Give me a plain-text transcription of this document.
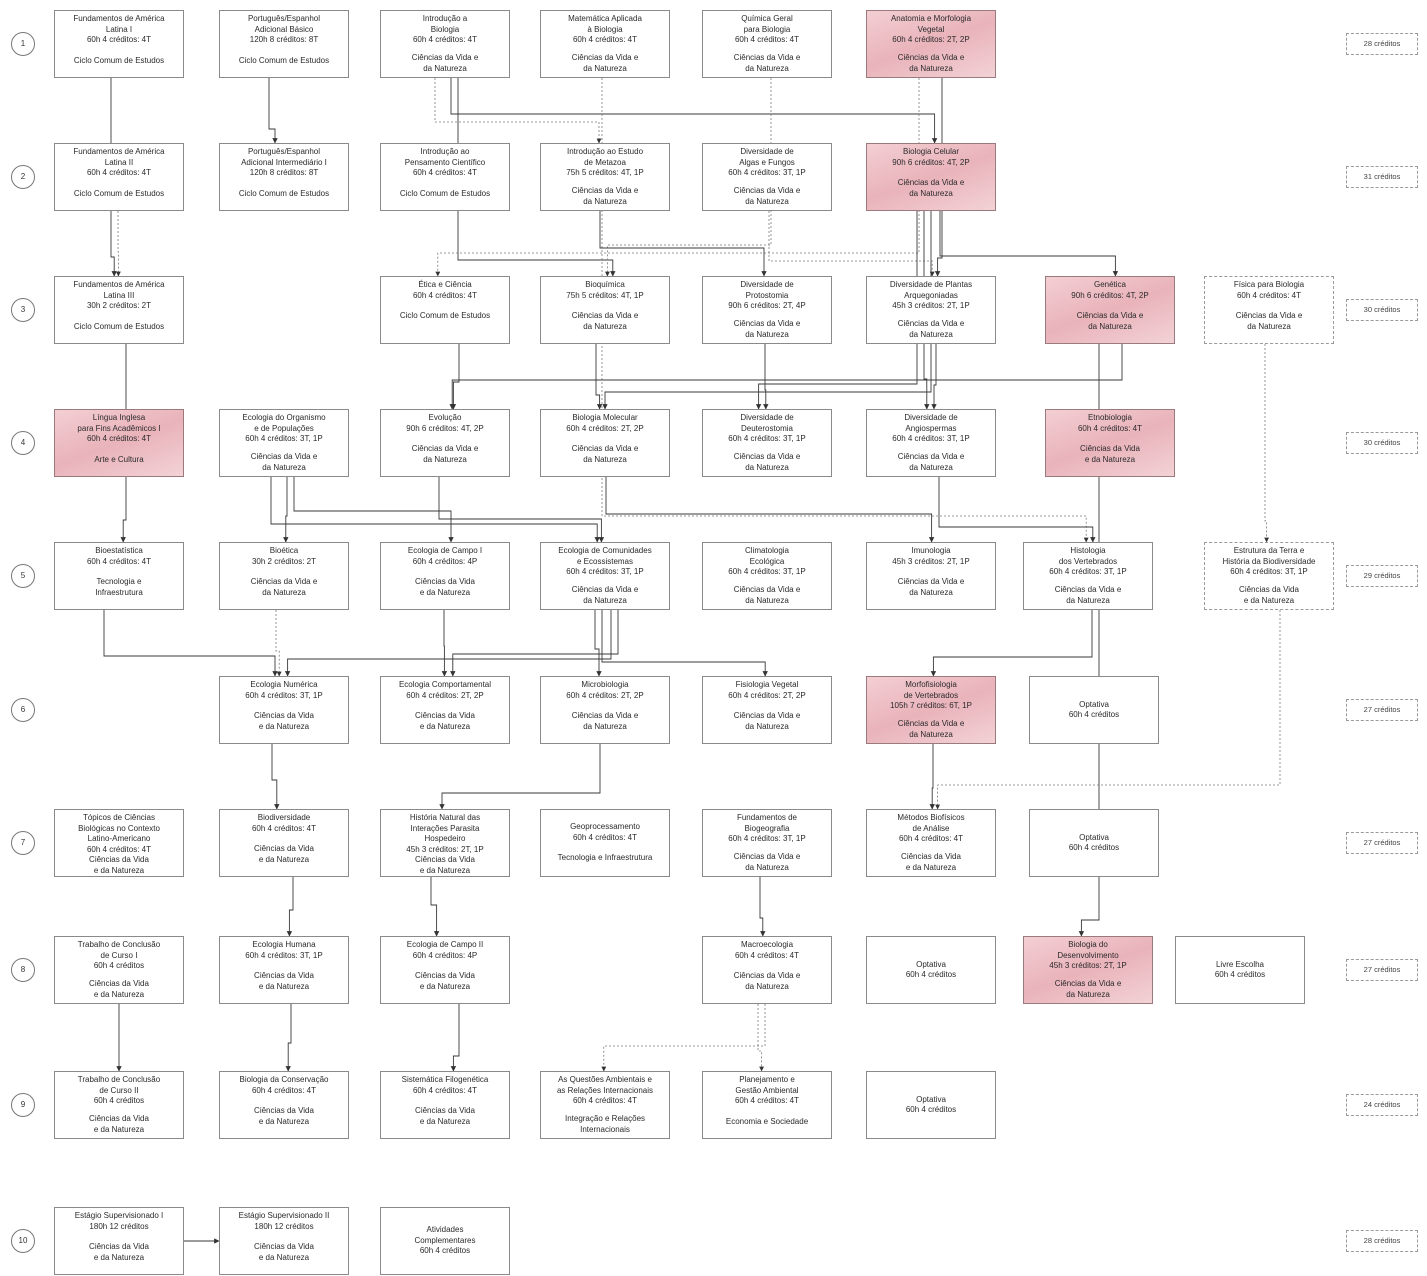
1	28 créditos
2	31 créditos
3	30 créditos
4	30 créditos
5	29 créditos
6	27 créditos
7	27 créditos
8	27 créditos
9	24 créditos
10	28 créditos
Fundamentos de América
Latina I
60h 4 créditos: 4T
Ciclo Comum de Estudos
Português/Espanhol
Adicional Básico
120h 8 créditos: 8T
Ciclo Comum de Estudos
Introdução a
Biologia
60h 4 créditos: 4T
Ciências da Vida e
da Natureza
Matemática Aplicada
à Biologia
60h 4 créditos: 4T
Ciências da Vida e
da Natureza
Química Geral
para Biologia
60h 4 créditos: 4T
Ciências da Vida e
da Natureza
Anatomia e Morfologia
Vegetal
60h 4 créditos: 2T, 2P
Ciências da Vida e
da Natureza
Fundamentos de América
Latina II
60h 4 créditos: 4T
Ciclo Comum de Estudos
Português/Espanhol
Adicional Intermediário I
120h 8 créditos: 8T
Ciclo Comum de Estudos
Introdução ao
Pensamento Científico
60h 4 créditos: 4T
Ciclo Comum de Estudos
Introdução ao Estudo
de Metazoa
75h 5 créditos: 4T, 1P
Ciências da Vida e
da Natureza
Diversidade de
Algas e Fungos
60h 4 créditos: 3T, 1P
Ciências da Vida e
da Natureza
Biologia Celular
90h 6 créditos: 4T, 2P
Ciências da Vida e
da Natureza
Fundamentos de América
Latina III
30h 2 créditos: 2T
Ciclo Comum de Estudos
Ética e Ciência
60h 4 créditos: 4T
Ciclo Comum de Estudos
Bioquímica
75h 5 créditos: 4T, 1P
Ciências da Vida e
da Natureza
Diversidade de
Protostomia
90h 6 créditos: 2T, 4P
Ciências da Vida e
da Natureza
Diversidade de Plantas
Arquegoniadas
45h 3 créditos: 2T, 1P
Ciências da Vida e
da Natureza
Genética
90h 6 créditos: 4T, 2P
Ciências da Vida e
da Natureza
Física para Biologia
60h 4 créditos: 4T
Ciências da Vida e
da Natureza
Língua Inglesa
para Fins Acadêmicos I
60h 4 créditos: 4T
Arte e Cultura
Ecologia do Organismo
e de Populações
60h 4 créditos: 3T, 1P
Ciências da Vida e
da Natureza
Evolução
90h 6 créditos: 4T, 2P
Ciências da Vida e
da Natureza
Biologia Molecular
60h 4 créditos: 2T, 2P
Ciências da Vida e
da Natureza
Diversidade de
Deuterostomia
60h 4 créditos: 3T, 1P
Ciências da Vida e
da Natureza
Diversidade de
Angiospermas
60h 4 créditos: 3T, 1P
Ciências da Vida e
da Natureza
Etnobiologia
60h 4 créditos: 4T
Ciências da Vida
e da Natureza
Bioestatística
60h 4 créditos: 4T
Tecnologia e
Infraestrutura
Bioética
30h 2 créditos: 2T
Ciências da Vida e
da Natureza
Ecologia de Campo I
60h 4 créditos: 4P
Ciências da Vida
e da Natureza
Ecologia de Comunidades
e Ecossistemas
60h 4 créditos: 3T, 1P
Ciências da Vida e
da Natureza
Climatologia
Ecológica
60h 4 créditos: 3T, 1P
Ciências da Vida e
da Natureza
Imunologia
45h 3 créditos: 2T, 1P
Ciências da Vida e
da Natureza
Histologia
dos Vertebrados
60h 4 créditos: 3T, 1P
Ciências da Vida e
da Natureza
Estrutura da Terra e
História da Biodiversidade
60h 4 créditos: 3T, 1P
Ciências da Vida
e da Natureza
Ecologia Numérica
60h 4 créditos: 3T, 1P
Ciências da Vida
e da Natureza
Ecologia Comportamental
60h 4 créditos: 2T, 2P
Ciências da Vida
e da Natureza
Microbiologia
60h 4 créditos: 2T, 2P
Ciências da Vida e
da Natureza
Fisiologia Vegetal
60h 4 créditos: 2T, 2P
Ciências da Vida e
da Natureza
Morfofisiologia
de Vertebrados
105h 7 créditos: 6T, 1P
Ciências da Vida e
da Natureza
Optativa
60h 4 créditos
Tópicos de Ciências
Biológicas no Contexto
Latino-Americano
60h 4 créditos: 4T
Ciências da Vida
e da Natureza
Biodiversidade
60h 4 créditos: 4T
Ciências da Vida
e da Natureza
História Natural das
Interações Parasita
Hospedeiro
45h 3 créditos: 2T, 1P
Ciências da Vida
e da Natureza
Geoprocessamento
60h 4 créditos: 4T
Tecnologia e Infraestrutura
Fundamentos de
Biogeografia
60h 4 créditos: 3T, 1P
Ciências da Vida e
da Natureza
Métodos Biofísicos
de Análise
60h 4 créditos: 4T
Ciências da Vida
e da Natureza
Optativa
60h 4 créditos
Trabalho de Conclusão
de Curso I
60h 4 créditos
Ciências da Vida
e da Natureza
Ecologia Humana
60h 4 créditos: 3T, 1P
Ciências da Vida
e da Natureza
Ecologia de Campo II
60h 4 créditos: 4P
Ciências da Vida
e da Natureza
Macroecologia
60h 4 créditos: 4T
Ciências da Vida e
da Natureza
Optativa
60h 4 créditos
Biologia do
Desenvolvimento
45h 3 créditos: 2T, 1P
Ciências da Vida e
da Natureza
Livre Escolha
60h 4 créditos
Trabalho de Conclusão
de Curso II
60h 4 créditos
Ciências da Vida
e da Natureza
Biologia da Conservação
60h 4 créditos: 4T
Ciências da Vida
e da Natureza
Sistemática Filogenética
60h 4 créditos: 4T
Ciências da Vida
e da Natureza
As Questões Ambientais e
as Relações Internacionais
60h 4 créditos: 4T
Integração e Relações
Internacionais
Planejamento e
Gestão Ambiental
60h 4 créditos: 4T
Economia e Sociedade
Optativa
60h 4 créditos
Estágio Supervisionado I
180h 12 créditos
Ciências da Vida
e da Natureza
Estágio Supervisionado II
180h 12 créditos
Ciências da Vida
e da Natureza
Atividades
Complementares
60h 4 créditos
